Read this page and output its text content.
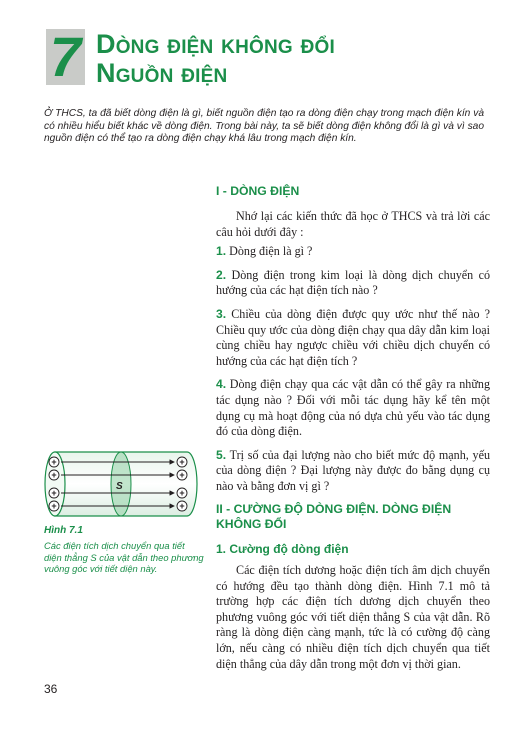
7 Dòng điện không đổi
Nguồn điện
Ở THCS, ta đã biết dòng điện là gì, biết nguồn điện tạo ra dòng điện chạy trong mạch điện kín và có nhiều hiểu biết khác về dòng điện. Trong bài này, ta sẽ biết dòng điện không đổi là gì và vì sao nguồn điện có thể tạo ra dòng điện chạy khá lâu trong mạch điện kín.
I - DÒNG ĐIỆN
Nhớ lại các kiến thức đã học ở THCS và trả lời các câu hỏi dưới đây :
1. Dòng điện là gì ?
2. Dòng điện trong kim loại là dòng dịch chuyển có hướng của các hạt điện tích nào ?
3. Chiều của dòng điện được quy ước như thế nào ? Chiều quy ước của dòng điện chạy qua dây dẫn kim loại cùng chiều hay ngược chiều với chiều dịch chuyển có hướng của các hạt điện tích ?
4. Dòng điện chạy qua các vật dẫn có thể gây ra những tác dụng nào ? Đối với mỗi tác dụng hãy kể tên một dụng cụ mà hoạt động của nó dựa chủ yếu vào tác dụng đó của dòng điện.
5. Trị số của đại lượng nào cho biết mức độ mạnh, yếu của dòng điện ? Đại lượng này được đo bằng dụng cụ nào và bằng đơn vị gì ?
II - CƯỜNG ĐỘ DÒNG ĐIỆN. DÒNG ĐIỆN
KHÔNG ĐỔI
1. Cường độ dòng điện
Các điện tích dương hoặc điện tích âm dịch chuyển có hướng đều tạo thành dòng điện. Hình 7.1 mô tả trường hợp các điện tích dương dịch chuyển theo phương vuông góc với tiết diện thẳng S của vật dẫn. Rõ ràng là dòng điện càng mạnh, tức là có cường độ càng lớn, nếu càng có nhiều điện tích dịch chuyển qua tiết diện thẳng của dây dẫn trong một đơn vị thời gian.
+	+
+	+
+	+
+	+
S
Hình 7.1
Các điện tích dịch chuyển qua tiết diện thẳng S của vật dẫn theo phương vuông góc với tiết diện này.
36
